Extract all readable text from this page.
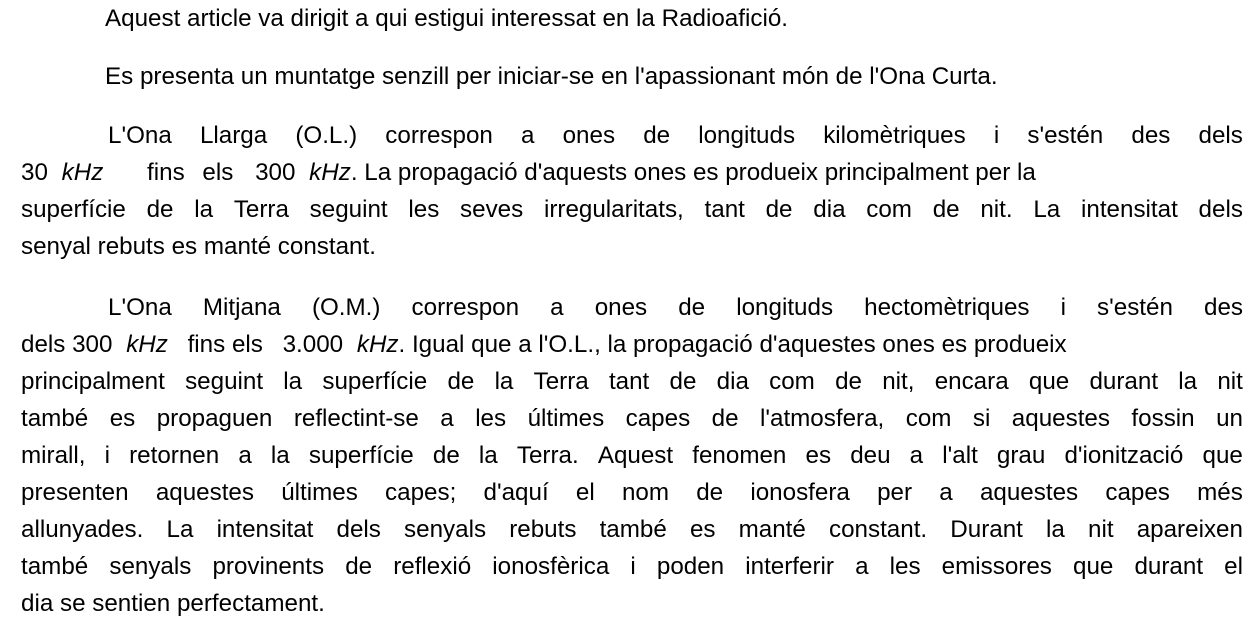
Aquest article va dirigit a qui estigui interessat en la Radioafició.
Es presenta un muntatge senzill per iniciar-se en l'apassionant món de l'Ona Curta.
L'Ona Llarga (O.L.) correspon a ones de longituds kilomètriques i s'estén des dels
30 kHz fins els 300 kHz. La propagació d'aquests ones es produeix principalment per la
superfície de la Terra seguint les seves irregularitats, tant de dia com de nit. La intensitat dels
senyal rebuts es manté constant.
L'Ona Mitjana (O.M.) correspon a ones de longituds hectomètriques i s'estén des
dels 300 kHz fins els 3.000 kHz. Igual que a l'O.L., la propagació d'aquestes ones es produeix
principalment seguint la superfície de la Terra tant de dia com de nit, encara que durant la nit
també es propaguen reflectint-se a les últimes capes de l'atmosfera, com si aquestes fossin un
mirall, i retornen a la superfície de la Terra. Aquest fenomen es deu a l'alt grau d'ionització que
presenten aquestes últimes capes; d'aquí el nom de ionosfera per a aquestes capes més
allunyades. La intensitat dels senyals rebuts també es manté constant. Durant la nit apareixen
també senyals provinents de reflexió ionosfèrica i poden interferir a les emissores que durant el
dia se sentien perfectament.
